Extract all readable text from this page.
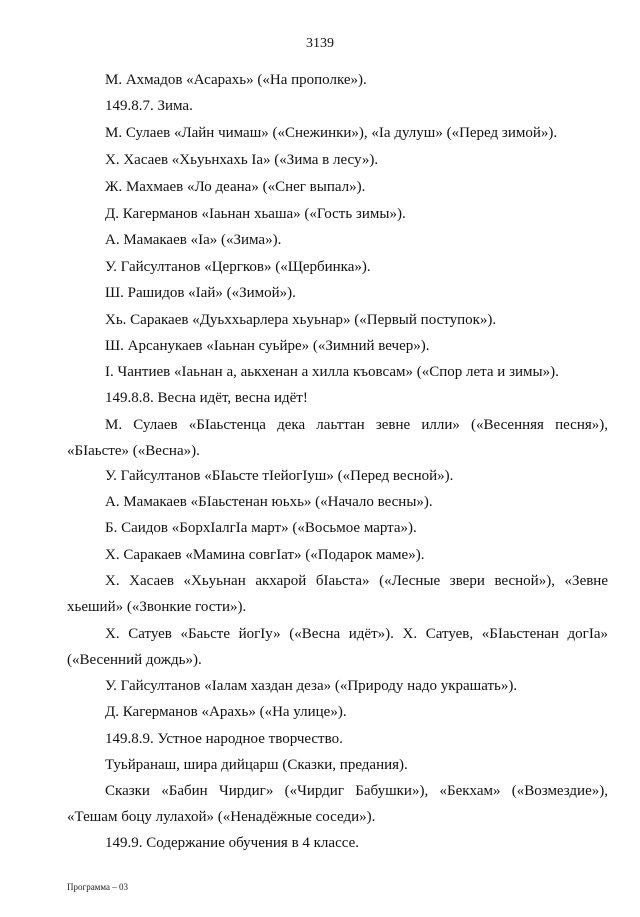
3139
М. Ахмадов «Асарахь» («На прополке»).
149.8.7. Зима.
М. Сулаев «Лайн чимаш» («Снежинки»), «Iа дулуш» («Перед зимой»).
Х. Хасаев «Хьуьнхахь Iа» («Зима в лесу»).
Ж. Махмаев «Ло деана» («Снег выпал»).
Д. Кагерманов «Iаьнан хьаша» («Гость зимы»).
А. Мамакаев «Iа» («Зима»).
У. Гайсултанов «Цергков» («Щербинка»).
Ш. Рашидов «Iай» («Зимой»).
Хь. Саракаев «Дуьххьарлера хьуьнар» («Первый поступок»).
Ш. Арсанукаев «Iаьнан суьйре» («Зимний вечер»).
I. Чантиев «Iаьнан а, аькхенан а хилла къовсам» («Спор лета и зимы»).
149.8.8. Весна идёт, весна идёт!
М. Сулаев «БIаьстенца дека лаьттан зевне илли» («Весенняя песня»),
«БIаьсте» («Весна»).
У. Гайсултанов «БIаьсте тIейогIуш» («Перед весной»).
А. Мамакаев «БIаьстенан юьхь» («Начало весны»).
Б. Саидов «БорхIалгIа март» («Восьмое марта»).
Х. Саракаев «Мамина совгIат» («Подарок маме»).
Х. Хасаев «Хьуьнан акхарой бIаьста» («Лесные звери весной»), «Зевне
хьеший» («Звонкие гости»).
Х. Сатуев «Баьсте йогIу» («Весна идёт»). Х. Сатуев, «БIаьстенан догIа»
(«Весенний дождь»).
У. Гайсултанов «Iалам хаздан деза» («Природу надо украшать»).
Д. Кагерманов «Арахь» («На улице»).
149.8.9. Устное народное творчество.
Туьйранаш, шира дийцарш (Сказки, предания).
Сказки «Бабин Чирдиг» («Чирдиг Бабушки»), «Бекхам» («Возмездие»),
«Тешам боцу лулахой» («Ненадёжные соседи»).
149.9. Содержание обучения в 4 классе.
Программа – 03
